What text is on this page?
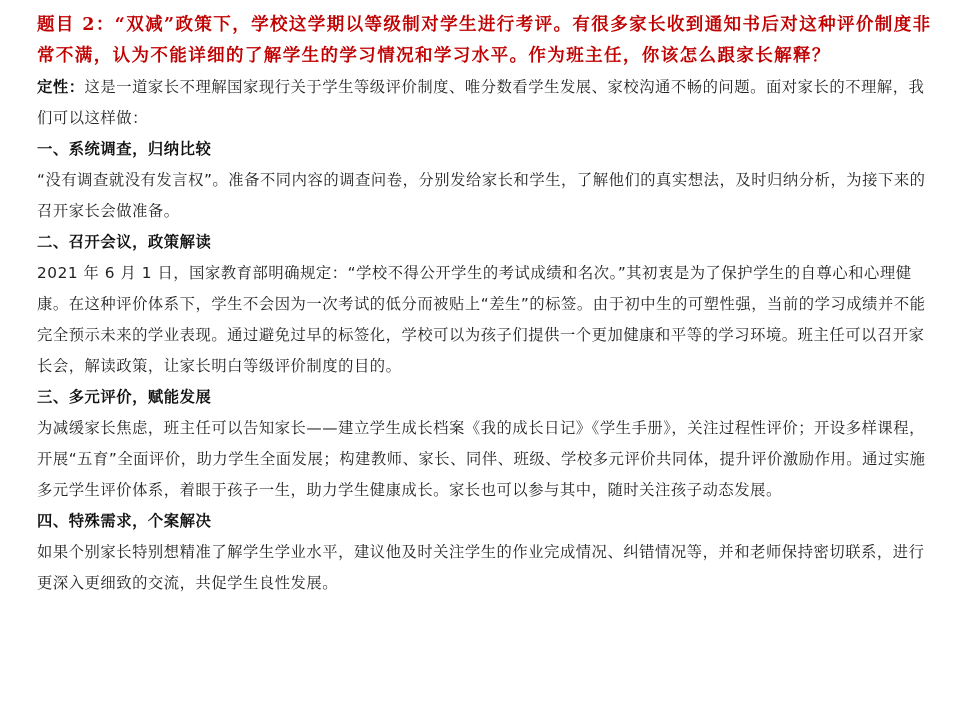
题目 2：“双减”政策下，学校这学期以等级制对学生进行考评。有很多家长收到通知书后对这种评价制度非常不满，认为不能详细的了解学生的学习情况和学习水平。作为班主任，你该怎么跟家长解释？

定性：这是一道家长不理解国家现行关于学生等级评价制度、唯分数看学生发展、家校沟通不畅的问题。面对家长的不理解，我们可以这样做：

一、系统调查，归纳比较

“没有调查就没有发言权”。准备不同内容的调查问卷，分别发给家长和学生，了解他们的真实想法，及时归纳分析，为接下来的召开家长会做准备。

二、召开会议，政策解读

2021 年 6 月 1 日，国家教育部明确规定：“学校不得公开学生的考试成绩和名次。”其初衷是为了保护学生的自尊心和心理健康。在这种评价体系下，学生不会因为一次考试的低分而被贴上“差生”的标签。由于初中生的可塑性强，当前的学习成绩并不能完全预示未来的学业表现。通过避免过早的标签化，学校可以为孩子们提供一个更加健康和平等的学习环境。班主任可以召开家长会，解读政策，让家长明白等级评价制度的目的。

三、多元评价，赋能发展

为减缓家长焦虑，班主任可以告知家长——建立学生成长档案《我的成长日记》《学生手册》，关注过程性评价；开设多样课程，开展“五育”全面评价，助力学生全面发展；构建教师、家长、同伴、班级、学校多元评价共同体，提升评价激励作用。通过实施多元学生评价体系，着眼于孩子一生，助力学生健康成长。家长也可以参与其中，随时关注孩子动态发展。

四、特殊需求，个案解决

如果个别家长特别想精准了解学生学业水平，建议他及时关注学生的作业完成情况、纠错情况等，并和老师保持密切联系，进行更深入更细致的交流，共促学生良性发展。
